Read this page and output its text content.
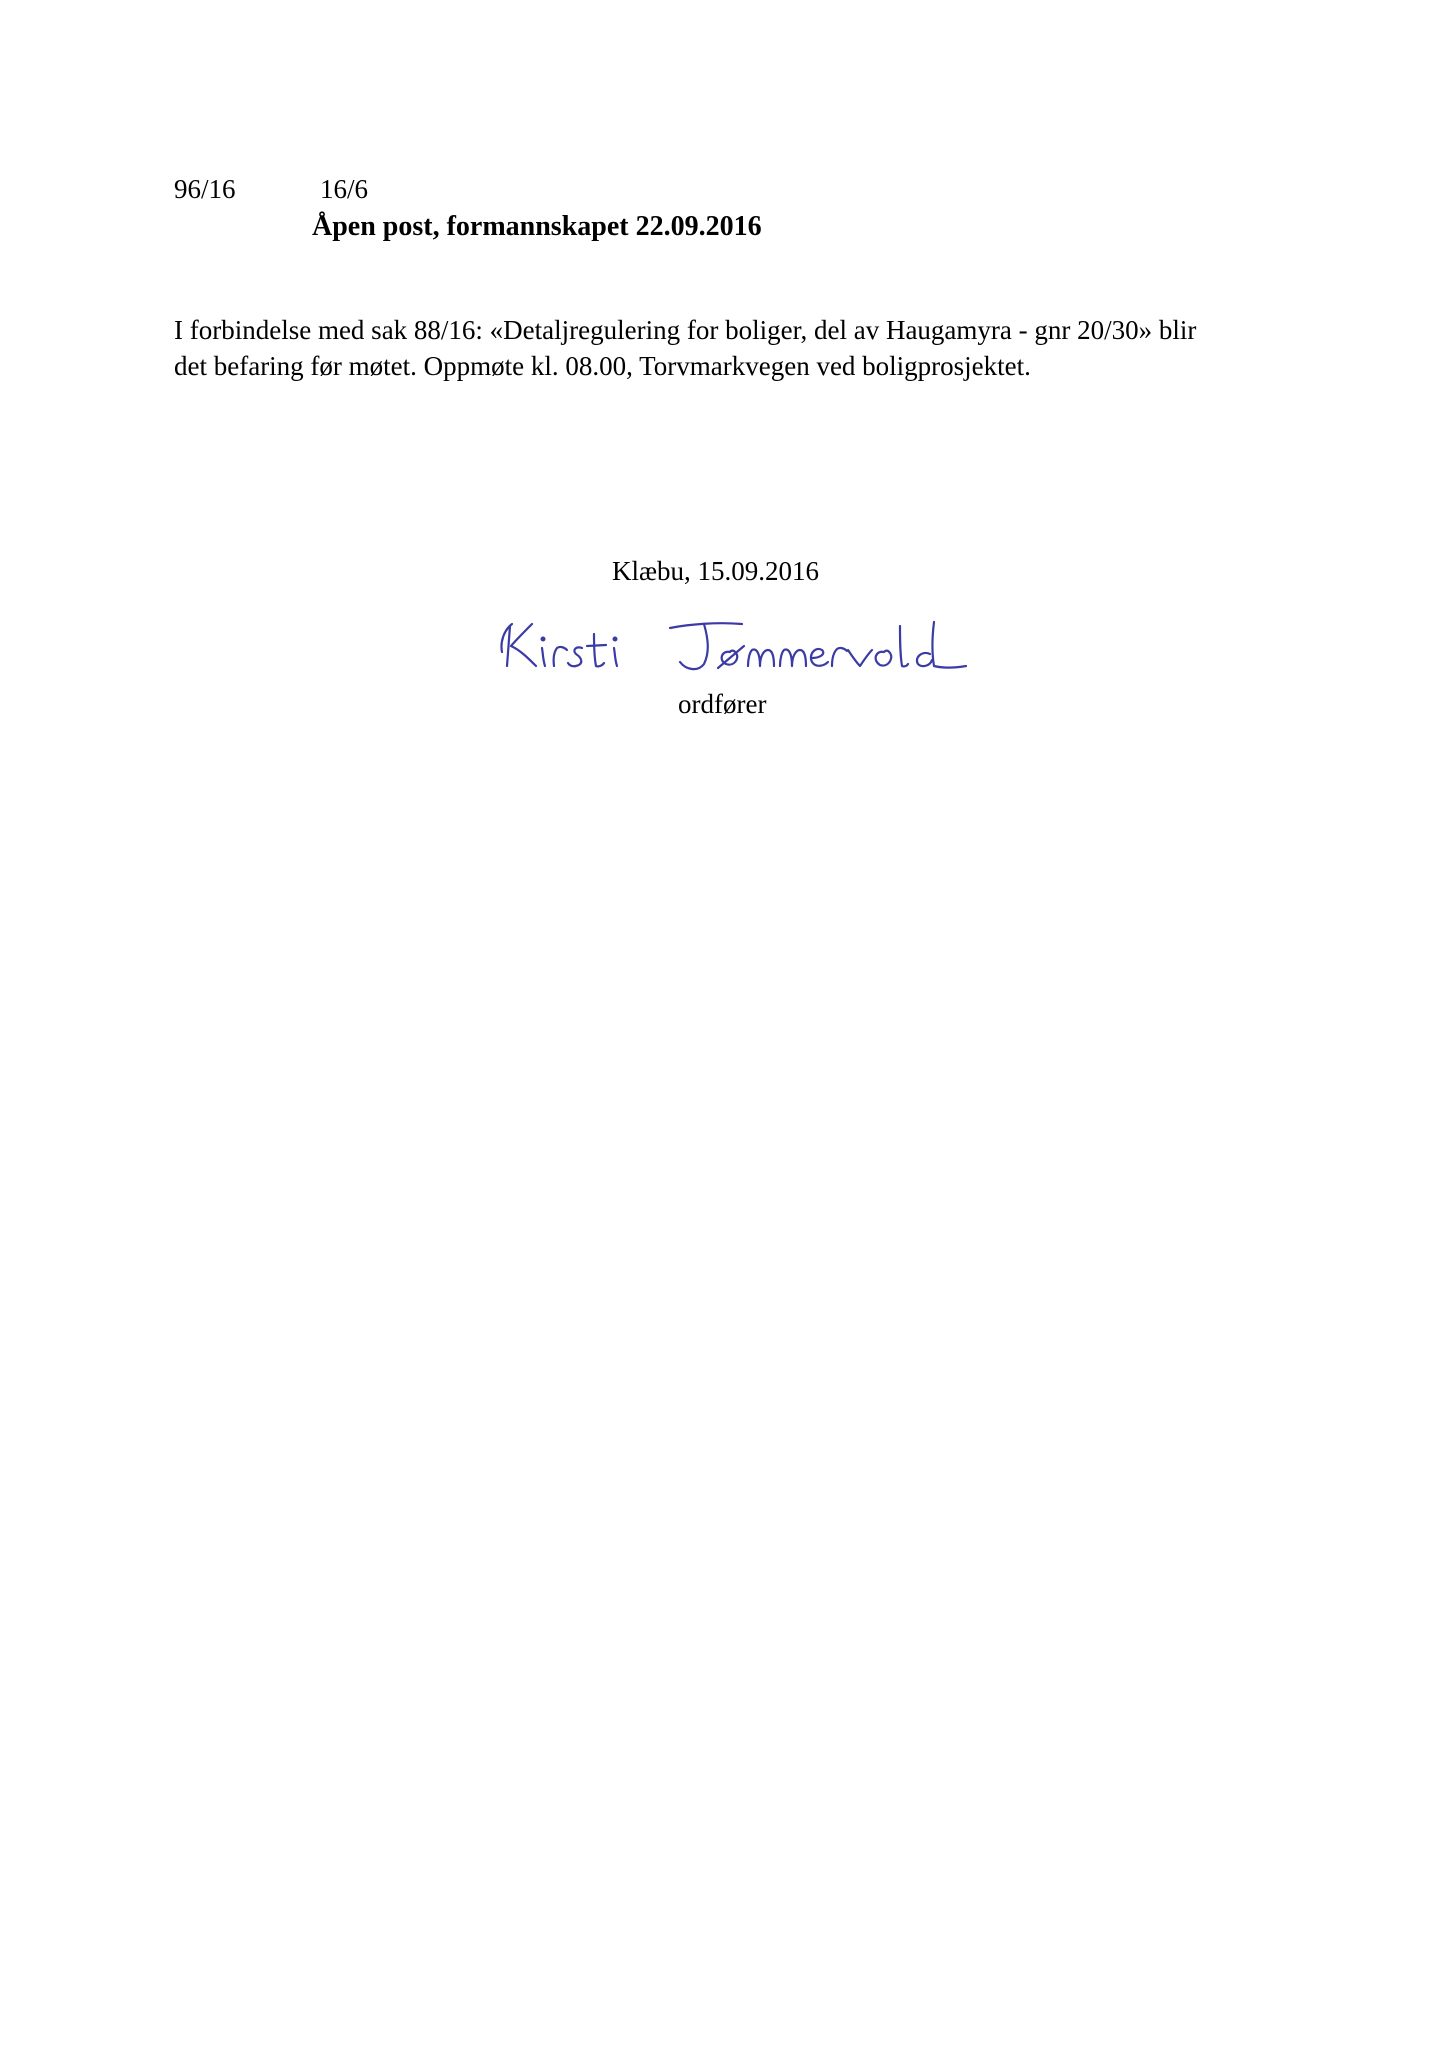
96/16	16/6
Åpen post, formannskapet 22.09.2016

I forbindelse med sak 88/16: «Detaljregulering for boliger, del av Haugamyra - gnr 20/30» blir

det befaring før møtet. Oppmøte kl. 08.00, Torvmarkvegen ved boligprosjektet.

Klæbu, 15.09.2016
ordfører
